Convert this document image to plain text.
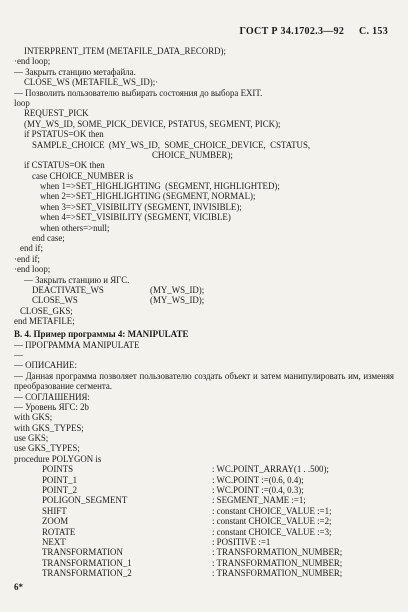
ГОСТ Р 34.1702.3—92 С. 153
INTERPRENT_ITEM (METAFILE_DATA_RECORD);
·end loop;
— Закрыть станцию метафайла.
CLOSE_WS (METAFILE_WS_ID);·
— Позволить пользователю выбирать состояния до выбора EXIT.
loop
REQUEST_PICK
(MY_WS_ID, SOME_PICK_DEVICE, PSTATUS, SEGMENT, PICK);
if PSTATUS=OK then
SAMPLE_CHOICE  (MY_WS_ID,  SOME_CHOICE_DEVICE,  CSTATUS,
CHOICE_NUMBER);
if CSTATUS=OK then
case CHOICE_NUMBER is
when 1=>SET_HIGHLIGHTING  (SEGMENT, HIGHLIGHTED);
when 2=>SET_HIGHLIGHTING (SEGMENT, NORMAL);
when 3=>SET_VISIBILITY (SEGMENT, INVISIBLE);
when 4=>SET_VISIBILITY (SEGMENT, VICIBLE)
when others=>null;
end case;
end if;
·end if;
·end loop;
— Закрыть станцию и ЯГС.
DEACTIVATE_WS	(MY_WS_ID);
CLOSE_WS	(MY_WS_ID);
CLOSE_GKS;
end METAFILE;
В. 4. Пример программы 4: MANIPULATE
— ПРОГРАММА MANIPULATE
—
— ОПИСАНИЕ:
— Данная программа позволяет пользователю создать объект и затем манипулировать им, изменяя преобразование сегмента.
— СОГЛАШЕНИЯ:
— Уровень ЯГС: 2b
with GKS;
with GKS_TYPES;
use GKS;
use GKS_TYPES;
procedure POLYGON is
POINTS	: WC.POINT_ARRAY(1 . .500);
POINT_1	: WC.POINT :=(0.6, 0.4);
POINT_2	: WC.POINT :=(0.4, 0.3);
POLIGON_SEGMENT	: SEGMENT_NAME :=1;
SHIFT	: constant CHOICE_VALUE :=1;
ZOOM	: constant CHOICE_VALUE :=2;
ROTATE	: constant CHOICE_VALUE :=3;
NEXT	: POSITIVE :=1
TRANSFORMATION	: TRANSFORMATION_NUMBER;
TRANSFORMATION_1	: TRANSFORMATION_NUMBER;
TRANSFORMATION_2	: TRANSFORMATION_NUMBER;
6*
